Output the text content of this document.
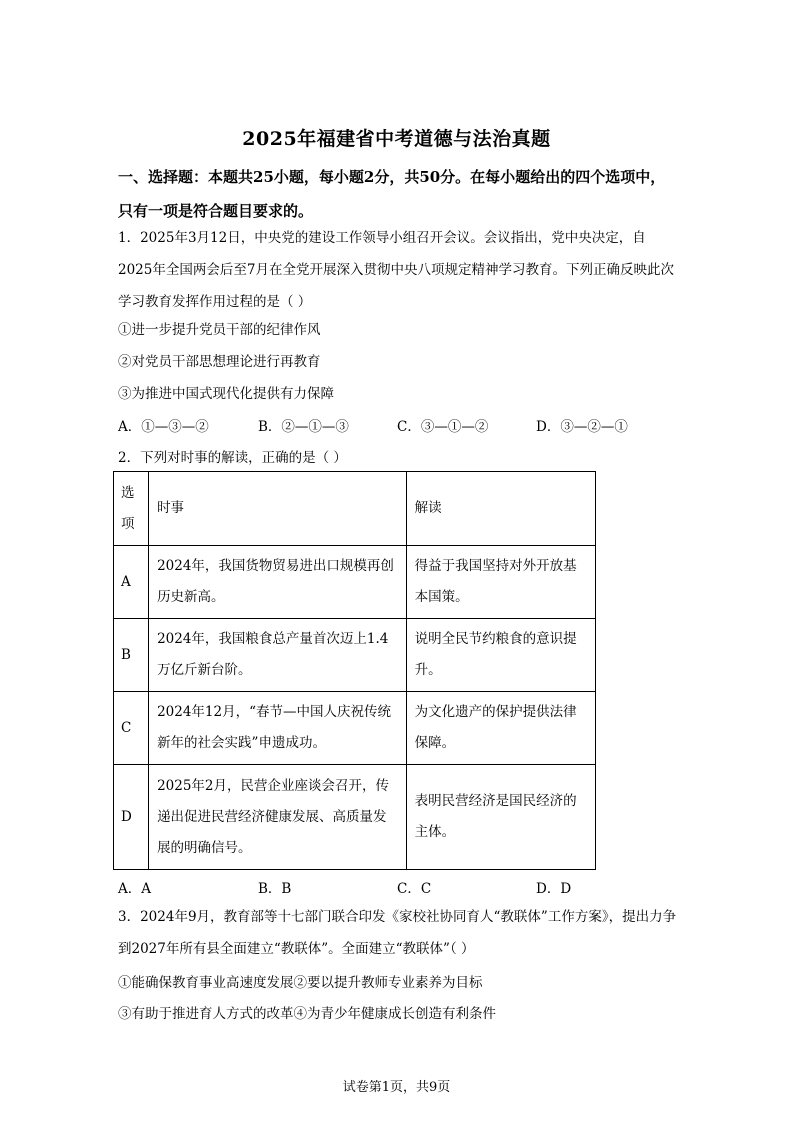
2025年福建省中考道德与法治真题
一、选择题：本题共25小题，每小题2分，共50分。在每小题给出的四个选项中，只有一项是符合题目要求的。
1．2025年3月12日，中央党的建设工作领导小组召开会议。会议指出，党中央决定，自2025年全国两会后至7月在全党开展深入贯彻中央八项规定精神学习教育。下列正确反映此次学习教育发挥作用过程的是（ ）
①进一步提升党员干部的纪律作风
②对党员干部思想理论进行再教育
③为推进中国式现代化提供有力保障
A．①—③—②	B．②—①—③	C．③—①—②	D．③—②—①
2．下列对时事的解读，正确的是（ ）
选项	时事	解读
A	2024年，我国货物贸易进出口规模再创历史新高。	得益于我国坚持对外开放基本国策。
B	2024年，我国粮食总产量首次迈上1.4万亿斤新台阶。	说明全民节约粮食的意识提升。
C	2024年12月，“春节—中国人庆祝传统新年的社会实践”申遗成功。	为文化遗产的保护提供法律保障。
D	2025年2月，民营企业座谈会召开，传递出促进民营经济健康发展、高质量发展的明确信号。	表明民营经济是国民经济的主体。
A．A	B．B	C．C	D．D
3．2024年9月，教育部等十七部门联合印发《家校社协同育人“教联体”工作方案》，提出力争到2027年所有县全面建立“教联体”。全面建立“教联体”（ ）
①能确保教育事业高速度发展②要以提升教师专业素养为目标
③有助于推进育人方式的改革④为青少年健康成长创造有利条件
试卷第1页，共9页
